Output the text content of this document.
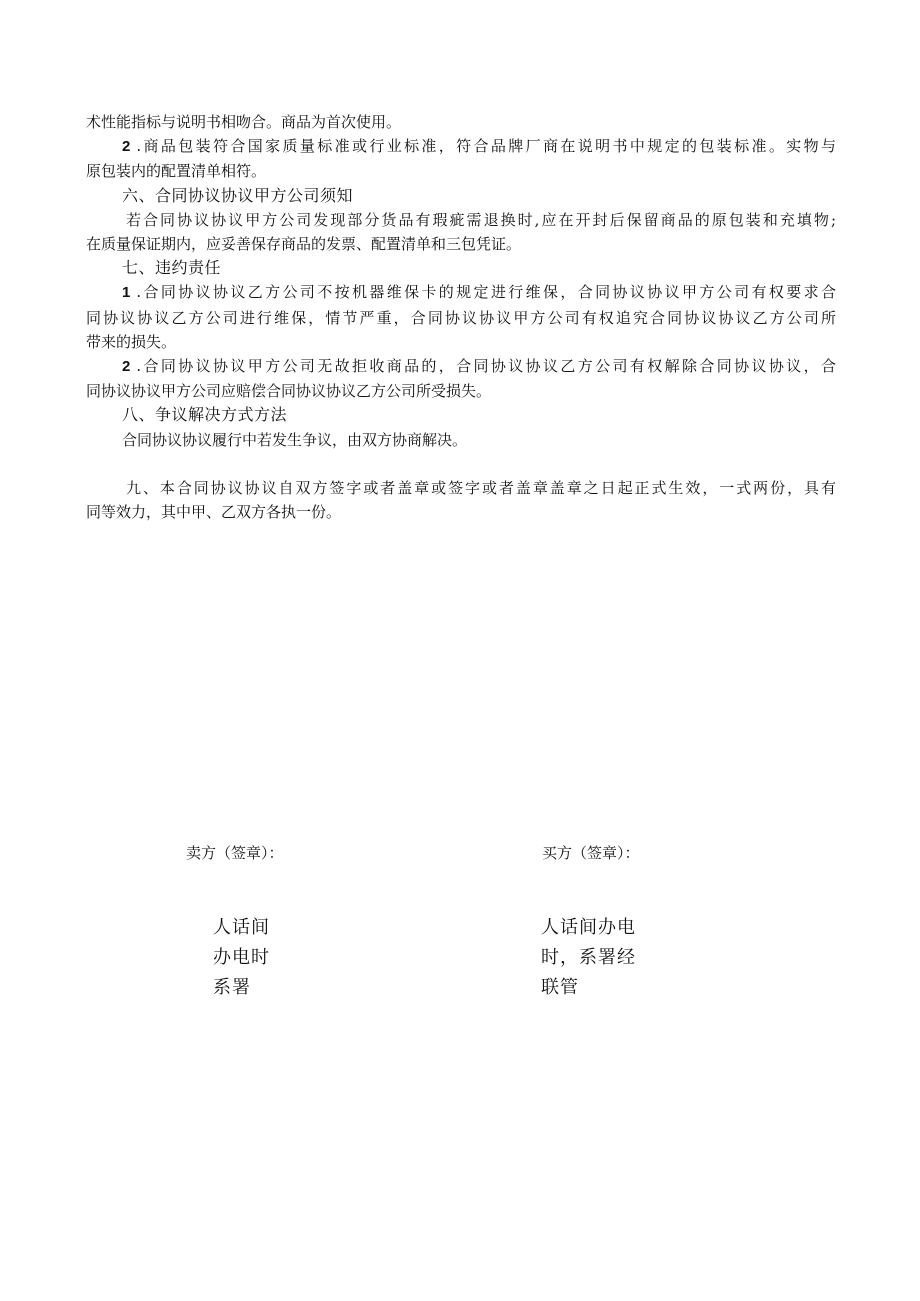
术性能指标与说明书相吻合。商品为首次使用。
2 .商品包装符合国家质量标准或行业标准，符合品牌厂商在说明书中规定的包装标准。实物与
原包装内的配置清单相符。
六、合同协议协议甲方公司须知
若合同协议协议甲方公司发现部分货品有瑕疵需退换时,应在开封后保留商品的原包装和充填物;
在质量保证期内，应妥善保存商品的发票、配置清单和三包凭证。
七、违约责任
1 .合同协议协议乙方公司不按机器维保卡的规定进行维保，合同协议协议甲方公司有权要求合
同协议协议乙方公司进行维保，情节严重，合同协议协议甲方公司有权追究合同协议协议乙方公司所
带来的损失。
2 .合同协议协议甲方公司无故拒收商品的，合同协议协议乙方公司有权解除合同协议协议，合
同协议协议甲方公司应赔偿合同协议协议乙方公司所受损失。
八、争议解决方式方法
合同协议协议履行中若发生争议，由双方协商解决。
九、本合同协议协议自双方签字或者盖章或签字或者盖章盖章之日起正式生效，一式两份，具有
同等效力，其中甲、乙双方各执一份。
卖方（签章）：	买方（签章）：
人话间
办电时
系署
人话间办电
时，系署经
联管
